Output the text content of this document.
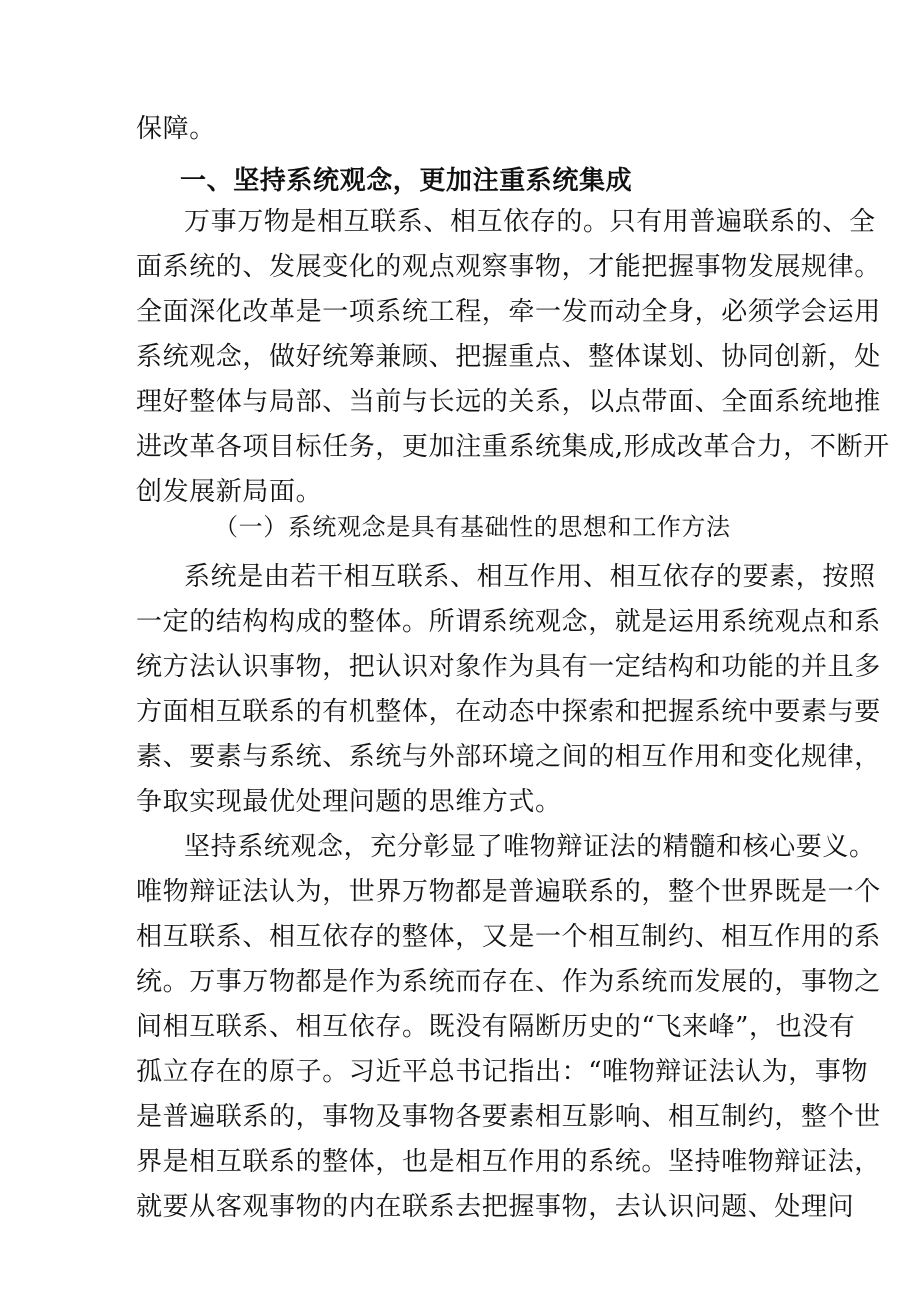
保障。
一、坚持系统观念，更加注重系统集成
万事万物是相互联系、相互依存的。只有用普遍联系的、全
面系统的、发展变化的观点观察事物，才能把握事物发展规律。
全面深化改革是一项系统工程，牵一发而动全身，必须学会运用
系统观念，做好统筹兼顾、把握重点、整体谋划、协同创新，处
理好整体与局部、当前与长远的关系，以点带面、全面系统地推
进改革各项目标任务，更加注重系统集成,形成改革合力，不断开
创发展新局面。
（一）系统观念是具有基础性的思想和工作方法
系统是由若干相互联系、相互作用、相互依存的要素，按照
一定的结构构成的整体。所谓系统观念，就是运用系统观点和系
统方法认识事物，把认识对象作为具有一定结构和功能的并且多
方面相互联系的有机整体，在动态中探索和把握系统中要素与要
素、要素与系统、系统与外部环境之间的相互作用和变化规律，
争取实现最优处理问题的思维方式。
坚持系统观念，充分彰显了唯物辩证法的精髓和核心要义。
唯物辩证法认为，世界万物都是普遍联系的，整个世界既是一个
相互联系、相互依存的整体，又是一个相互制约、相互作用的系
统。万事万物都是作为系统而存在、作为系统而发展的，事物之
间相互联系、相互依存。既没有隔断历史的“飞来峰”，也没有
孤立存在的原子。习近平总书记指出：“唯物辩证法认为，事物
是普遍联系的，事物及事物各要素相互影响、相互制约，整个世
界是相互联系的整体，也是相互作用的系统。坚持唯物辩证法，
就要从客观事物的内在联系去把握事物，去认识问题、处理问
